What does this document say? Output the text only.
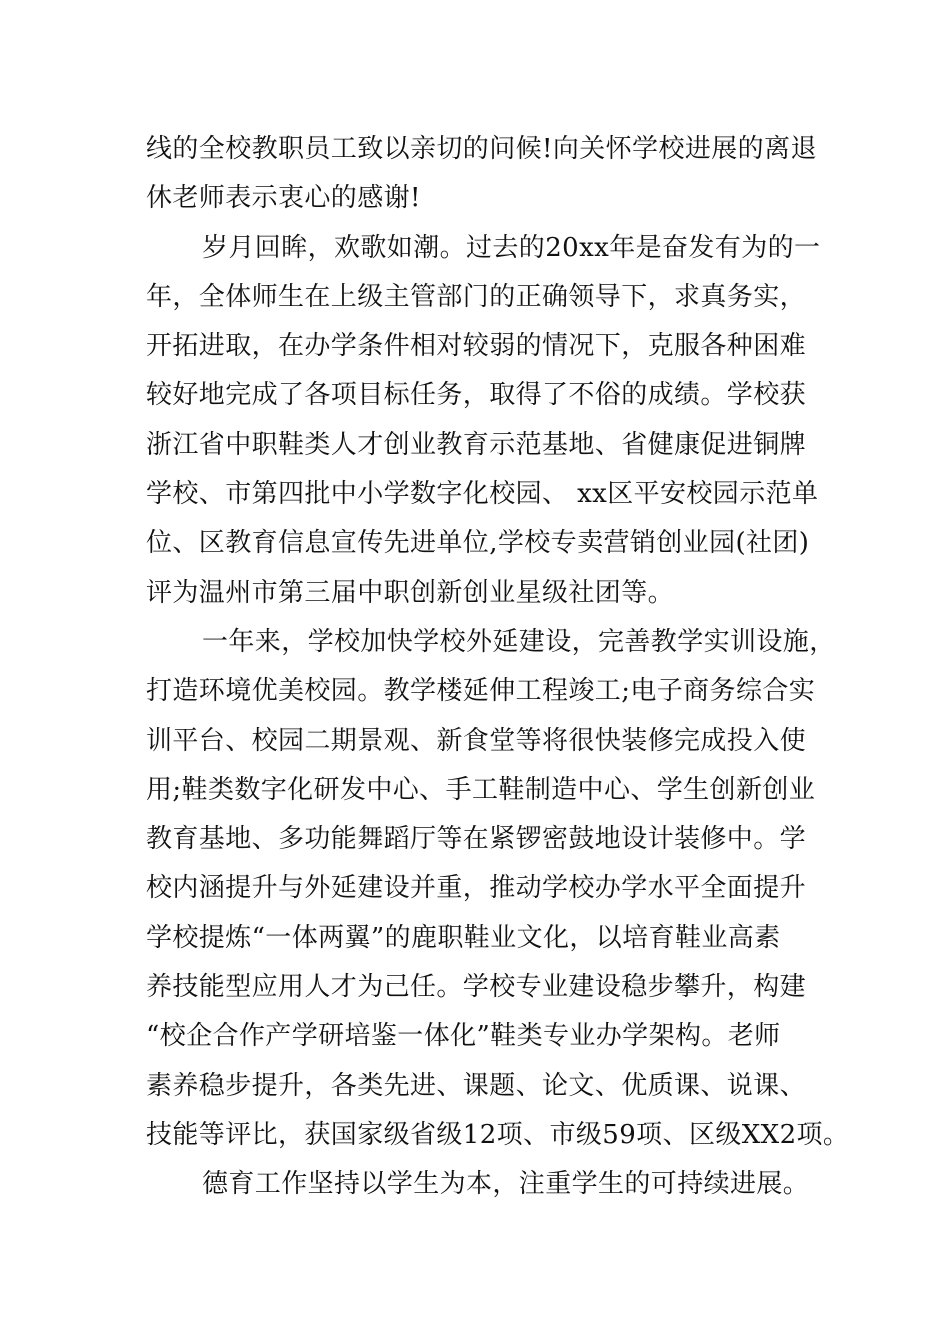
线的全校教职员工致以亲切的问候!向关怀学校进展的离退
休老师表示衷心的感谢!
岁月回眸，欢歌如潮。过去的20xx年是奋发有为的一
年，全体师生在上级主管部门的正确领导下，求真务实，
开拓进取，在办学条件相对较弱的情况下，克服各种困难
较好地完成了各项目标任务，取得了不俗的成绩。学校获
浙江省中职鞋类人才创业教育示范基地、省健康促进铜牌
学校、市第四批中小学数字化校园、 xx区平安校园示范单
位、区教育信息宣传先进单位,学校专卖营销创业园(社团)
评为温州市第三届中职创新创业星级社团等。
一年来，学校加快学校外延建设，完善教学实训设施，
打造环境优美校园。教学楼延伸工程竣工;电子商务综合实
训平台、校园二期景观、新食堂等将很快装修完成投入使
用;鞋类数字化研发中心、手工鞋制造中心、学生创新创业
教育基地、多功能舞蹈厅等在紧锣密鼓地设计装修中。学
校内涵提升与外延建设并重，推动学校办学水平全面提升
学校提炼“一体两翼”的鹿职鞋业文化，以培育鞋业高素
养技能型应用人才为己任。学校专业建设稳步攀升，构建
“校企合作产学研培鉴一体化”鞋类专业办学架构。老师
素养稳步提升，各类先进、课题、论文、优质课、说课、
技能等评比，获国家级省级12项、市级59项、区级XX2项。
德育工作坚持以学生为本，注重学生的可持续进展。
